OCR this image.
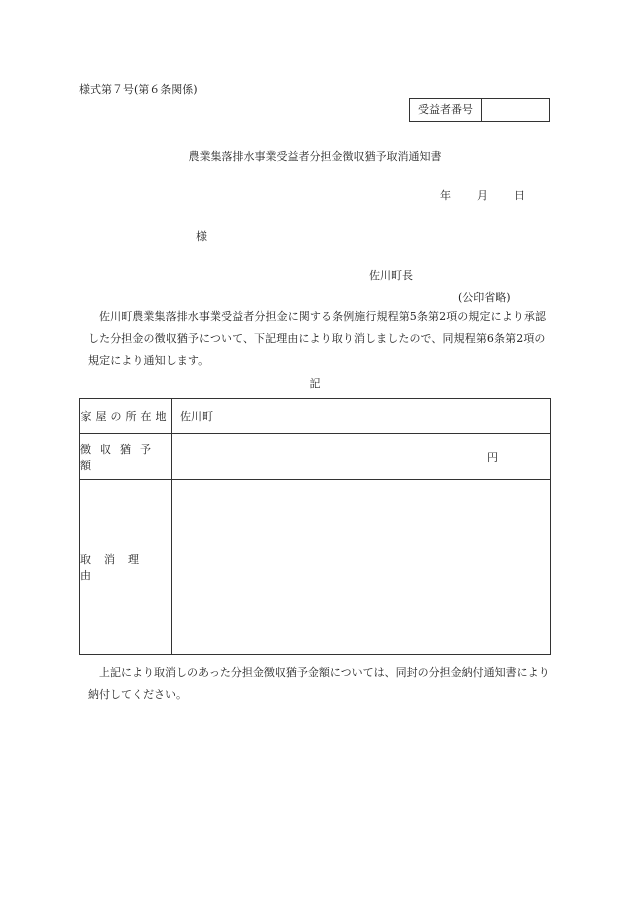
様式第７号(第６条関係)
受益者番号
農業集落排水事業受益者分担金徴収猶予取消通知書
年 月 日
様
佐川町長
(公印省略)
佐川町農業集落排水事業受益者分担金に関する条例施行規程第5条第2項の規定により承認した分担金の徴収猶予について、下記理由により取り消しましたので、同規程第6条第2項の規定により通知します。
記
家屋の所在地 佐川町
徴収猶予額
円
取消理由
上記により取消しのあった分担金徴収猶予金額については、同封の分担金納付通知書により納付してください。
